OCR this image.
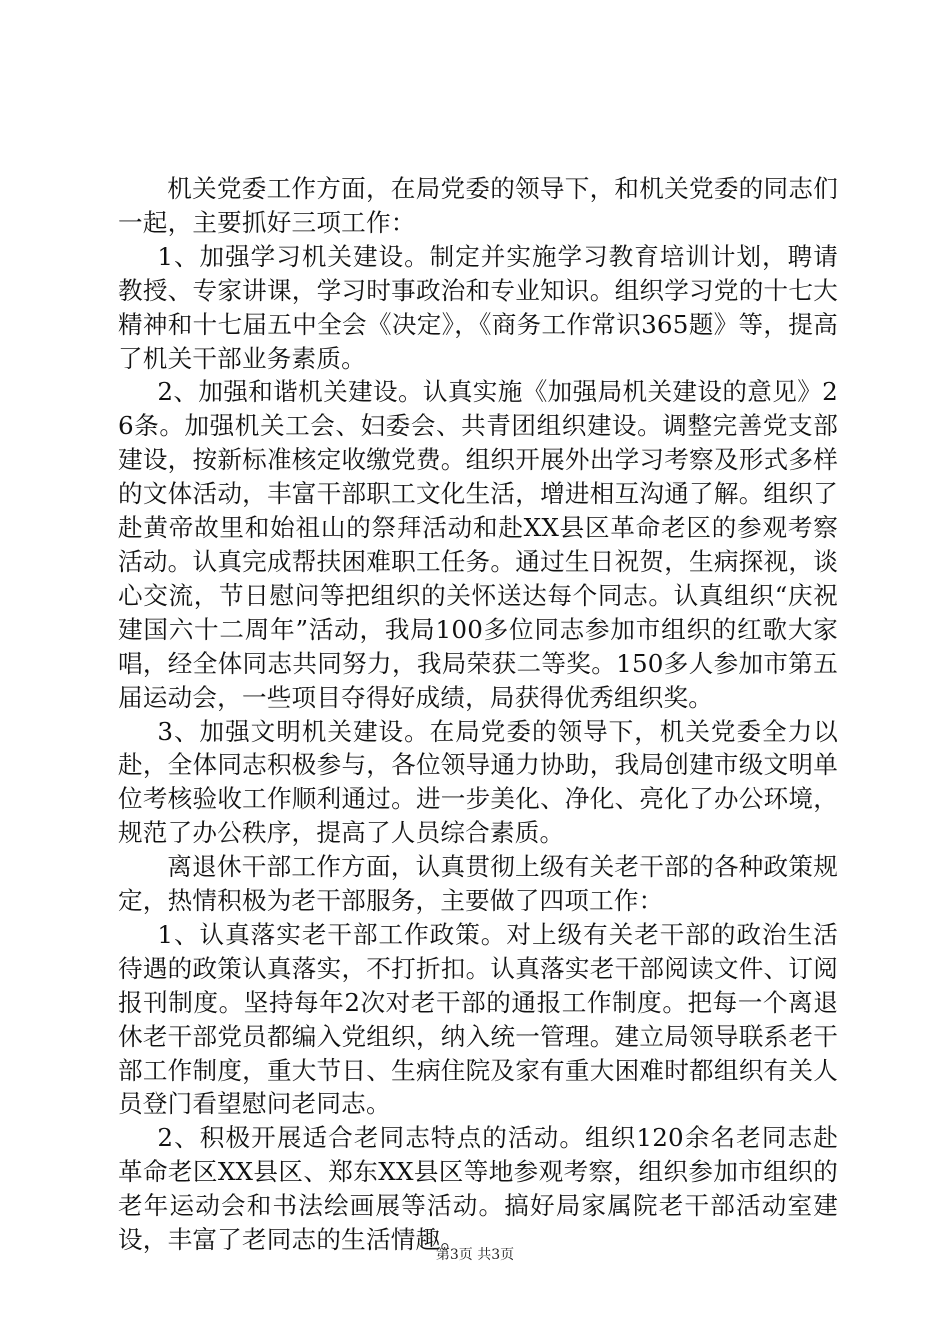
机关党委工作方面，在局党委的领导下，和机关党委的同志们一起，主要抓好三项工作：

1、加强学习机关建设。制定并实施学习教育培训计划，聘请教授、专家讲课，学习时事政治和专业知识。组织学习党的十七大精神和十七届五中全会《决定》，《商务工作常识365题》等，提高了机关干部业务素质。

2、加强和谐机关建设。认真实施《加强局机关建设的意见》26条。加强机关工会、妇委会、共青团组织建设。调整完善党支部建设，按新标准核定收缴党费。组织开展外出学习考察及形式多样的文体活动，丰富干部职工文化生活，增进相互沟通了解。组织了赴黄帝故里和始祖山的祭拜活动和赴XX县区革命老区的参观考察活动。认真完成帮扶困难职工任务。通过生日祝贺，生病探视，谈心交流，节日慰问等把组织的关怀送达每个同志。认真组织“庆祝建国六十二周年”活动，我局100多位同志参加市组织的红歌大家唱，经全体同志共同努力，我局荣获二等奖。150多人参加市第五届运动会，一些项目夺得好成绩，局获得优秀组织奖。

3、加强文明机关建设。在局党委的领导下，机关党委全力以赴，全体同志积极参与，各位领导通力协助，我局创建市级文明单位考核验收工作顺利通过。进一步美化、净化、亮化了办公环境，规范了办公秩序，提高了人员综合素质。

离退休干部工作方面，认真贯彻上级有关老干部的各种政策规定，热情积极为老干部服务，主要做了四项工作：

1、认真落实老干部工作政策。对上级有关老干部的政治生活待遇的政策认真落实，不打折扣。认真落实老干部阅读文件、订阅报刊制度。坚持每年2次对老干部的通报工作制度。把每一个离退休老干部党员都编入党组织，纳入统一管理。建立局领导联系老干部工作制度，重大节日、生病住院及家有重大困难时都组织有关人员登门看望慰问老同志。

2、积极开展适合老同志特点的活动。组织120余名老同志赴革命老区XX县区、郑东XX县区等地参观考察，组织参加市组织的老年运动会和书法绘画展等活动。搞好局家属院老干部活动室建设，丰富了老同志的生活情趣。

第3页 共3页
